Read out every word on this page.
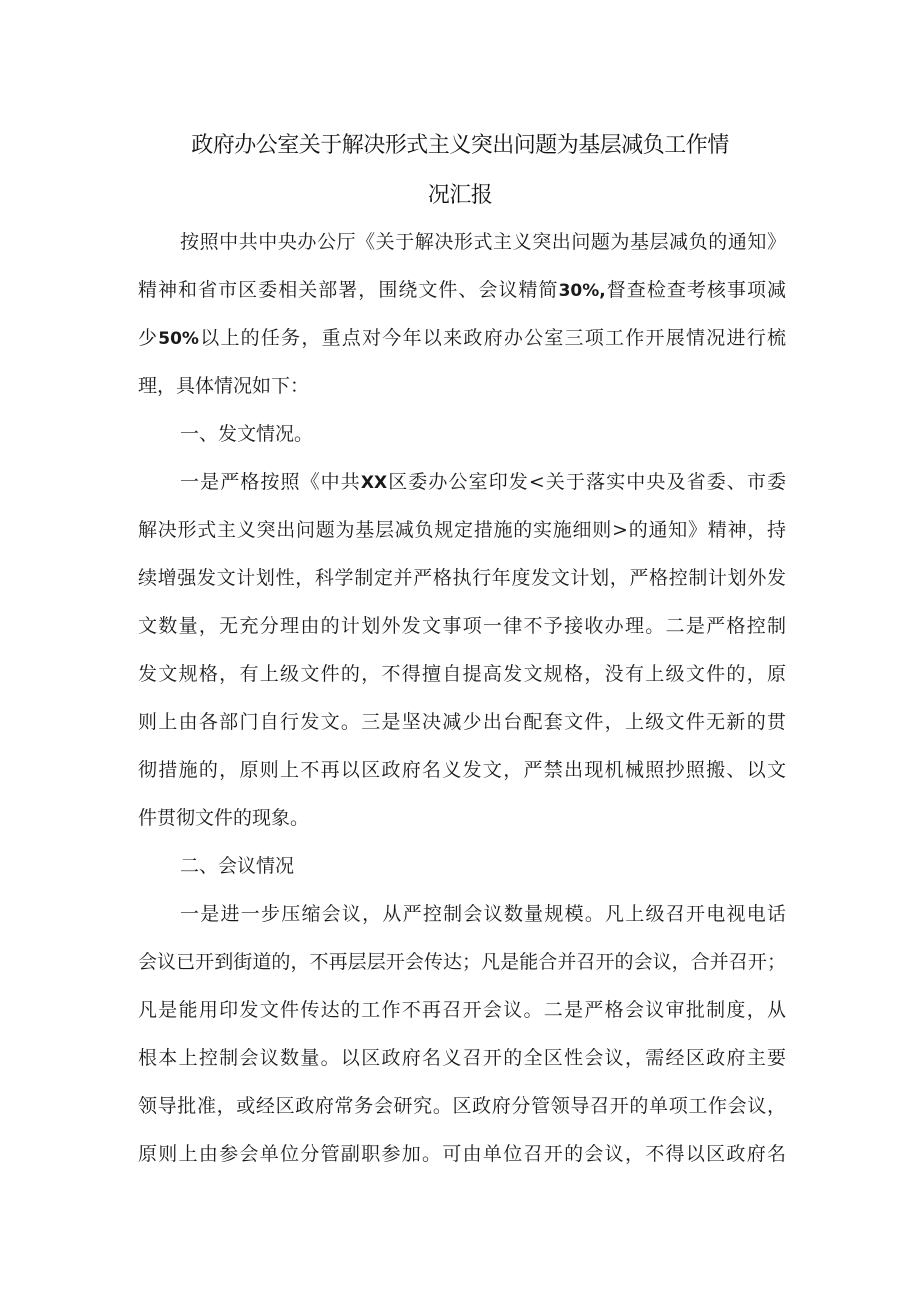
政府办公室关于解决形式主义突出问题为基层减负工作情
况汇报
按照中共中央办公厅《关于解决形式主义突出问题为基层减负的通知》
精神和省市区委相关部署，围绕文件、会议精简30%,督查检查考核事项减
少50%以上的任务，重点对今年以来政府办公室三项工作开展情况进行梳
理，具体情况如下：
一、发文情况。
一是严格按照《中共XX区委办公室印发<关于落实中央及省委、市委
解决形式主义突出问题为基层减负规定措施的实施细则>的通知》精神，持
续增强发文计划性，科学制定并严格执行年度发文计划，严格控制计划外发
文数量，无充分理由的计划外发文事项一律不予接收办理。二是严格控制
发文规格，有上级文件的，不得擅自提高发文规格，没有上级文件的，原
则上由各部门自行发文。三是坚决减少出台配套文件，上级文件无新的贯
彻措施的，原则上不再以区政府名义发文，严禁出现机械照抄照搬、以文
件贯彻文件的现象。
二、会议情况
一是进一步压缩会议，从严控制会议数量规模。凡上级召开电视电话
会议已开到街道的，不再层层开会传达；凡是能合并召开的会议，合并召开；
凡是能用印发文件传达的工作不再召开会议。二是严格会议审批制度，从
根本上控制会议数量。以区政府名义召开的全区性会议，需经区政府主要
领导批准，或经区政府常务会研究。区政府分管领导召开的单项工作会议，
原则上由参会单位分管副职参加。可由单位召开的会议，不得以区政府名
